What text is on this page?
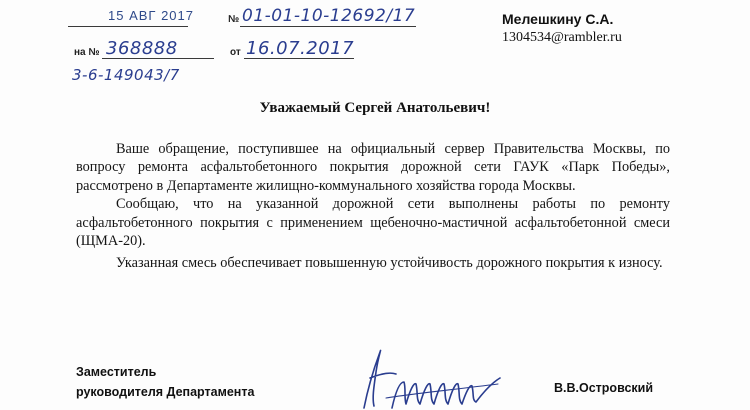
15 АВГ 2017	№ 01-01-10-12692/17
на № 368888	от 16.07.2017
3-6-149043/7
Мелешкину С.А.
1304534@rambler.ru
Уважаемый Сергей Анатольевич!

Ваше обращение, поступившее на официальный сервер Правительства Москвы, по вопросу ремонта асфальтобетонного покрытия дорожной сети ГАУК «Парк Победы», рассмотрено в Департаменте жилищно-коммунального хозяйства города Москвы.

Сообщаю, что на указанной дорожной сети выполнены работы по ремонту асфальтобетонного покрытия с применением щебеночно-мастичной асфальтобетонной смеси (ЩМА-20).

Указанная смесь обеспечивает повышенную устойчивость дорожного покрытия к износу.

Заместитель
руководителя Департамента	В.В.Островский
